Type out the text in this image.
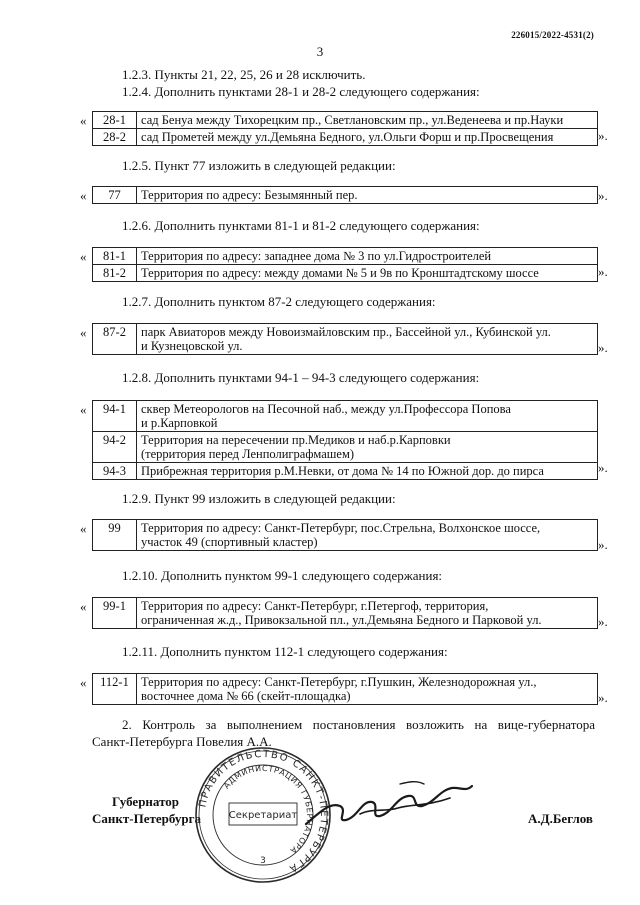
226015/2022-4531(2)
3
1.2.3. Пункты 21, 22, 25, 26 и 28 исключить.
1.2.4. Дополнить пунктами 28-1 и 28-2 следующего содержания:
« 28-1	сад Бенуа между Тихорецким пр., Светлановским пр., ул.Веденеева и пр.Науки
28-2	сад Прометей между ул.Демьяна Бедного, ул.Ольги Форш и пр.Просвещения	».
1.2.5. Пункт 77 изложить в следующей редакции:
« 77	Территория по адресу: Безымянный пер.	».
1.2.6. Дополнить пунктами 81-1 и 81-2 следующего содержания:
« 81-1	Территория по адресу: западнее дома № 3 по ул.Гидростроителей
81-2	Территория по адресу: между домами № 5 и 9в по Кронштадтскому шоссе	».
1.2.7. Дополнить пунктом 87-2 следующего содержания:
« 87-2	парк Авиаторов между Новоизмайловским пр., Бассейной ул., Кубинской ул.
и Кузнецовской ул.	».
1.2.8. Дополнить пунктами 94-1 – 94-3 следующего содержания:
« 94-1	сквер Метеорологов на Песочной наб., между ул.Профессора Попова
и р.Карповкой

94-2	Территория на пересечении пр.Медиков и наб.р.Карповки
(территория перед Ленполиграфмашем)

94-3	Прибрежная территория р.М.Невки, от дома № 14 по Южной дор. до пирса	».
1.2.9. Пункт 99 изложить в следующей редакции:
« 99	Территория по адресу: Санкт-Петербург, пос.Стрельна, Волхонское шоссе,
участок 49 (спортивный кластер)	».
1.2.10. Дополнить пунктом 99-1 следующего содержания:
« 99-1	Территория по адресу: Санкт-Петербург, г.Петергоф, территория,
ограниченная ж.д., Привокзальной пл., ул.Демьяна Бедного и Парковой ул.	».
1.2.11. Дополнить пунктом 112-1 следующего содержания:
« 112-1	Территория по адресу: Санкт-Петербург, г.Пушкин, Железнодорожная ул.,
восточнее дома № 66 (скейт-площадка)	».
2. Контроль за выполнением постановления возложить на вице-губернатора
Санкт-Петербурга Повелия А.А.
Губернатор
Санкт-Петербурга	А.Д.Беглов
ПРАВИТЕЛЬСТВО САНКТ-ПЕТЕРБУРГА
АДМИНИСТРАЦИЯ ГУБЕРНАТОРА
Секретариат
3
